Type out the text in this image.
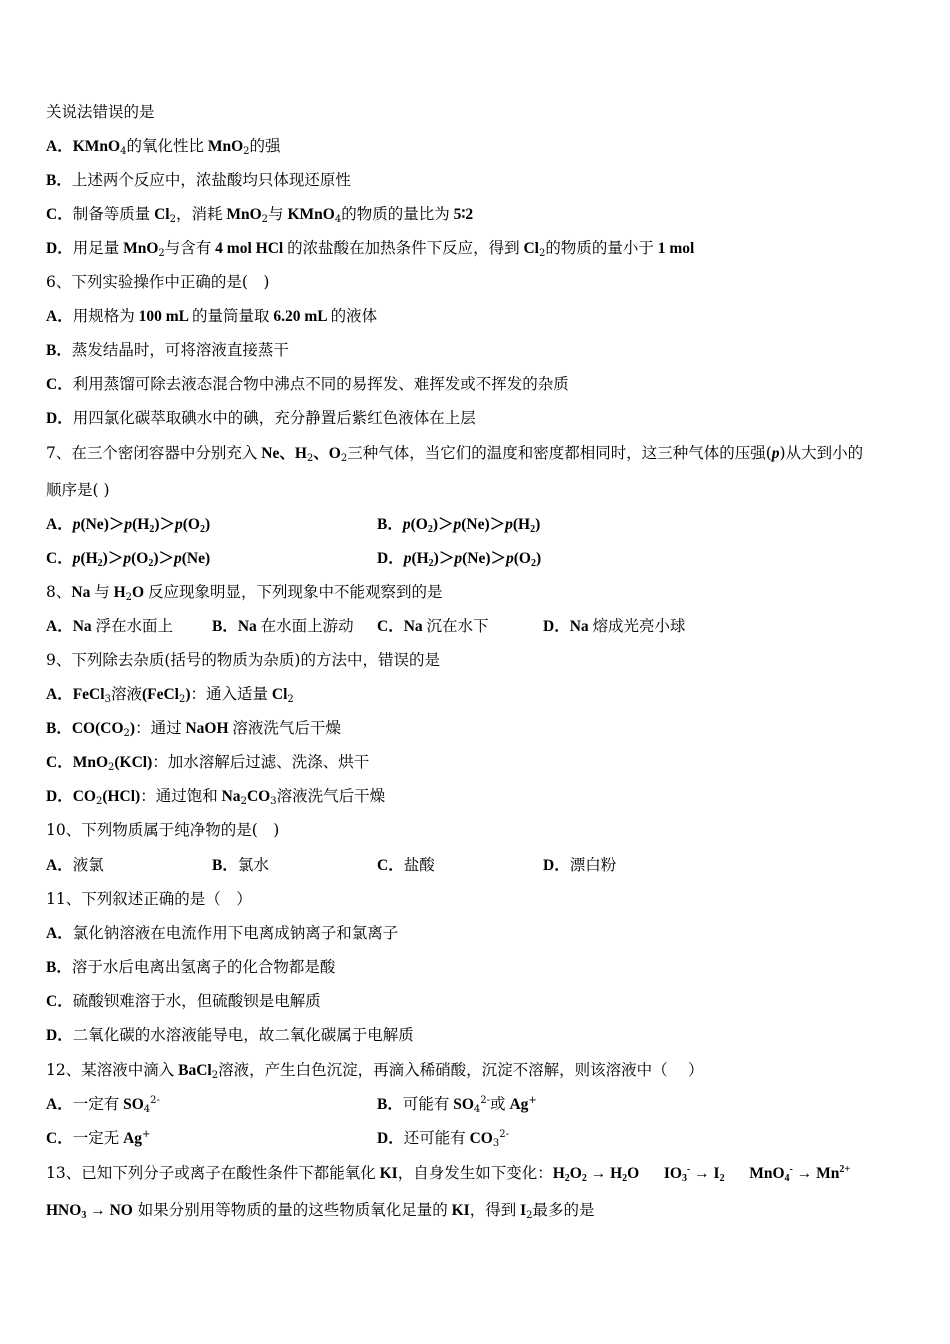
关说法错误的是
A．KMnO$_4$的氧化性比 MnO$_2$的强
B．上述两个反应中，浓盐酸均只体现还原性
C．制备等质量 $Cl_2$，消耗 MnO$_2$与 KMnO$_4$的物质的量比为 5∶2
D．用足量 MnO$_2$与含有 4 mol HCl 的浓盐酸在加热条件下反应，得到 $Cl_2$的物质的量小于 1 mol
6、下列实验操作中正确的是(　)
A．用规格为 100 mL 的量筒量取 6.20 mL 的液体
B．蒸发结晶时，可将溶液直接蒸干
C．利用蒸馏可除去液态混合物中沸点不同的易挥发、难挥发或不挥发的杂质
D．用四氯化碳萃取碘水中的碘，充分静置后紫红色液体在上层
7、在三个密闭容器中分别充入 Ne、$H_2$、$O_2$三种气体，当它们的温度和密度都相同时，这三种气体的压强(p)从大到小的
顺序是( )
A．$p(Ne)>p(H_2)>p(O_2)$	B．$p(O_2)>p(Ne)>p(H_2)$
C．$p(H_2)>p(O_2)>p(Ne)$	D．$p(H_2)>p(Ne)>p(O_2)$
8、Na 与 $H_2O$ 反应现象明显，下列现象中不能观察到的是
A．Na 浮在水面上	B．Na 在水面上游动 C．Na 沉在水下	D．Na 熔成光亮小球
9、下列除去杂质(括号的物质为杂质)的方法中，错误的是
A．FeCl$_3$溶液(FeCl$_2$)：通入适量 $Cl_2$
B．$CO(CO_2)$：通过 NaOH 溶液洗气后干燥
C．MnO$_2$(KCl)：加水溶解后过滤、洗涤、烘干
D．$CO_2(HCl)$：通过饱和 $Na_2CO_3$溶液洗气后干燥
10、下列物质属于纯净物的是(　)
A．液氯	B．氯水	C．盐酸	D．漂白粉
11、下列叙述正确的是（　）
A．氯化钠溶液在电流作用下电离成钠离子和氯离子
B．溶于水后电离出氢离子的化合物都是酸
C．硫酸钡难溶于水，但硫酸钡是电解质
D．二氧化碳的水溶液能导电，故二氧化碳属于电解质
12、某溶液中滴入 BaCl$_2$溶液，产生白色沉淀，再滴入稀硝酸，沉淀不溶解，则该溶液中（　 ）
A．一定有 $SO_4^{2-}$	B．可能有 $SO_4^{2-}$或 Ag+
C．一定无 Ag+	D．还可能有 $CO_3^{2-}$
13、已知下列分子或离子在酸性条件下都能氧化 KI，自身发生如下变化：$H_2O_2 \to H_2O$ $IO_3^- \to I_2$ $MnO_4^- \to Mn^{2+}$
$HNO_3$ → NO 如果分别用等物质的量的这些物质氧化足量的 KI，得到 $I_2$最多的是
